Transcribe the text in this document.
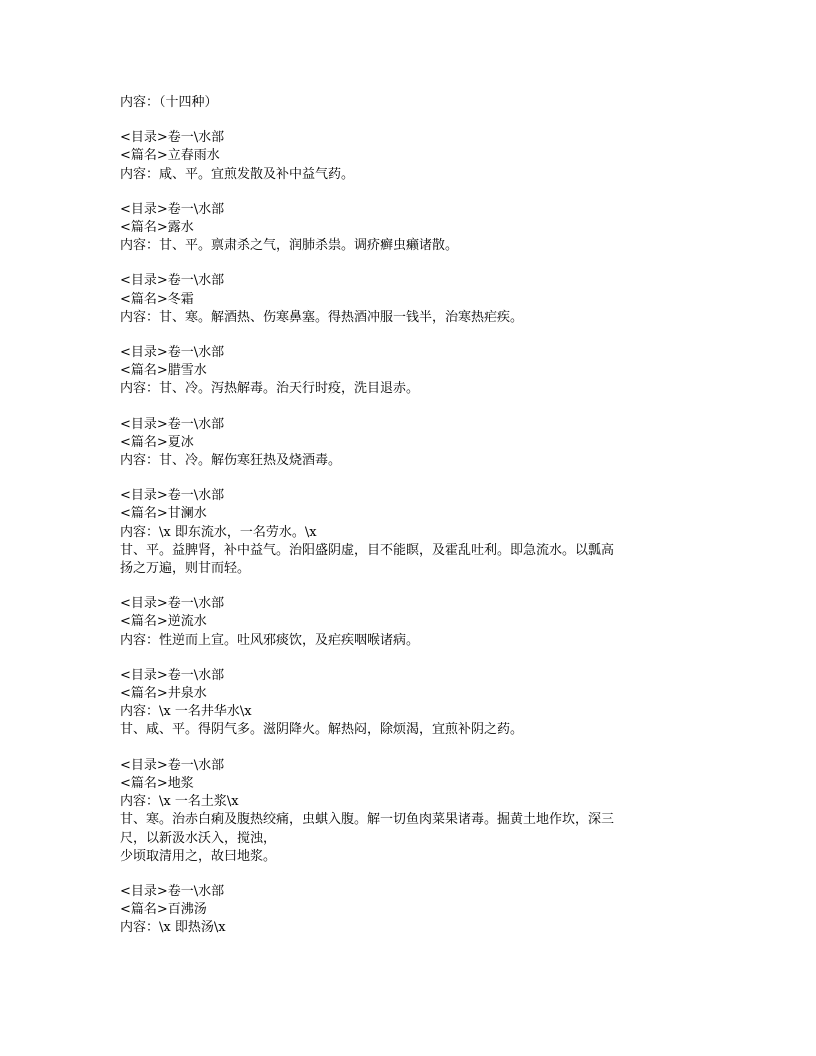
内容：（十四种）

<目录>卷一\水部

<篇名>立春雨水

内容：咸、平。宜煎发散及补中益气药。

<目录>卷一\水部

<篇名>露水

内容：甘、平。禀肃杀之气，润肺杀祟。调疥癣虫癞诸散。

<目录>卷一\水部

<篇名>冬霜

内容：甘、寒。解酒热、伤寒鼻塞。得热酒冲服一钱半，治寒热疟疾。

<目录>卷一\水部

<篇名>腊雪水

内容：甘、冷。泻热解毒。治天行时疫，洗目退赤。

<目录>卷一\水部

<篇名>夏冰

内容：甘、冷。解伤寒狂热及烧酒毒。

<目录>卷一\水部

<篇名>甘澜水

内容：\x 即东流水，一名劳水。\x

甘、平。益脾肾，补中益气。治阳盛阴虚，目不能瞑，及霍乱吐利。即急流水。以瓢高

扬之万遍，则甘而轻。

<目录>卷一\水部

<篇名>逆流水

内容：性逆而上宣。吐风邪痰饮，及疟疾咽喉诸病。

<目录>卷一\水部

<篇名>井泉水

内容：\x 一名井华水\x

甘、咸、平。得阴气多。滋阴降火。解热闷，除烦渴，宜煎补阴之药。

<目录>卷一\水部

<篇名>地浆

内容：\x 一名土浆\x

甘、寒。治赤白痢及腹热绞痛，虫蜞入腹。解一切鱼肉菜果诸毒。掘黄土地作坎，深三

尺，以新汲水沃入，搅浊，

少顷取清用之，故曰地浆。

<目录>卷一\水部

<篇名>百沸汤

内容：\x 即热汤\x
